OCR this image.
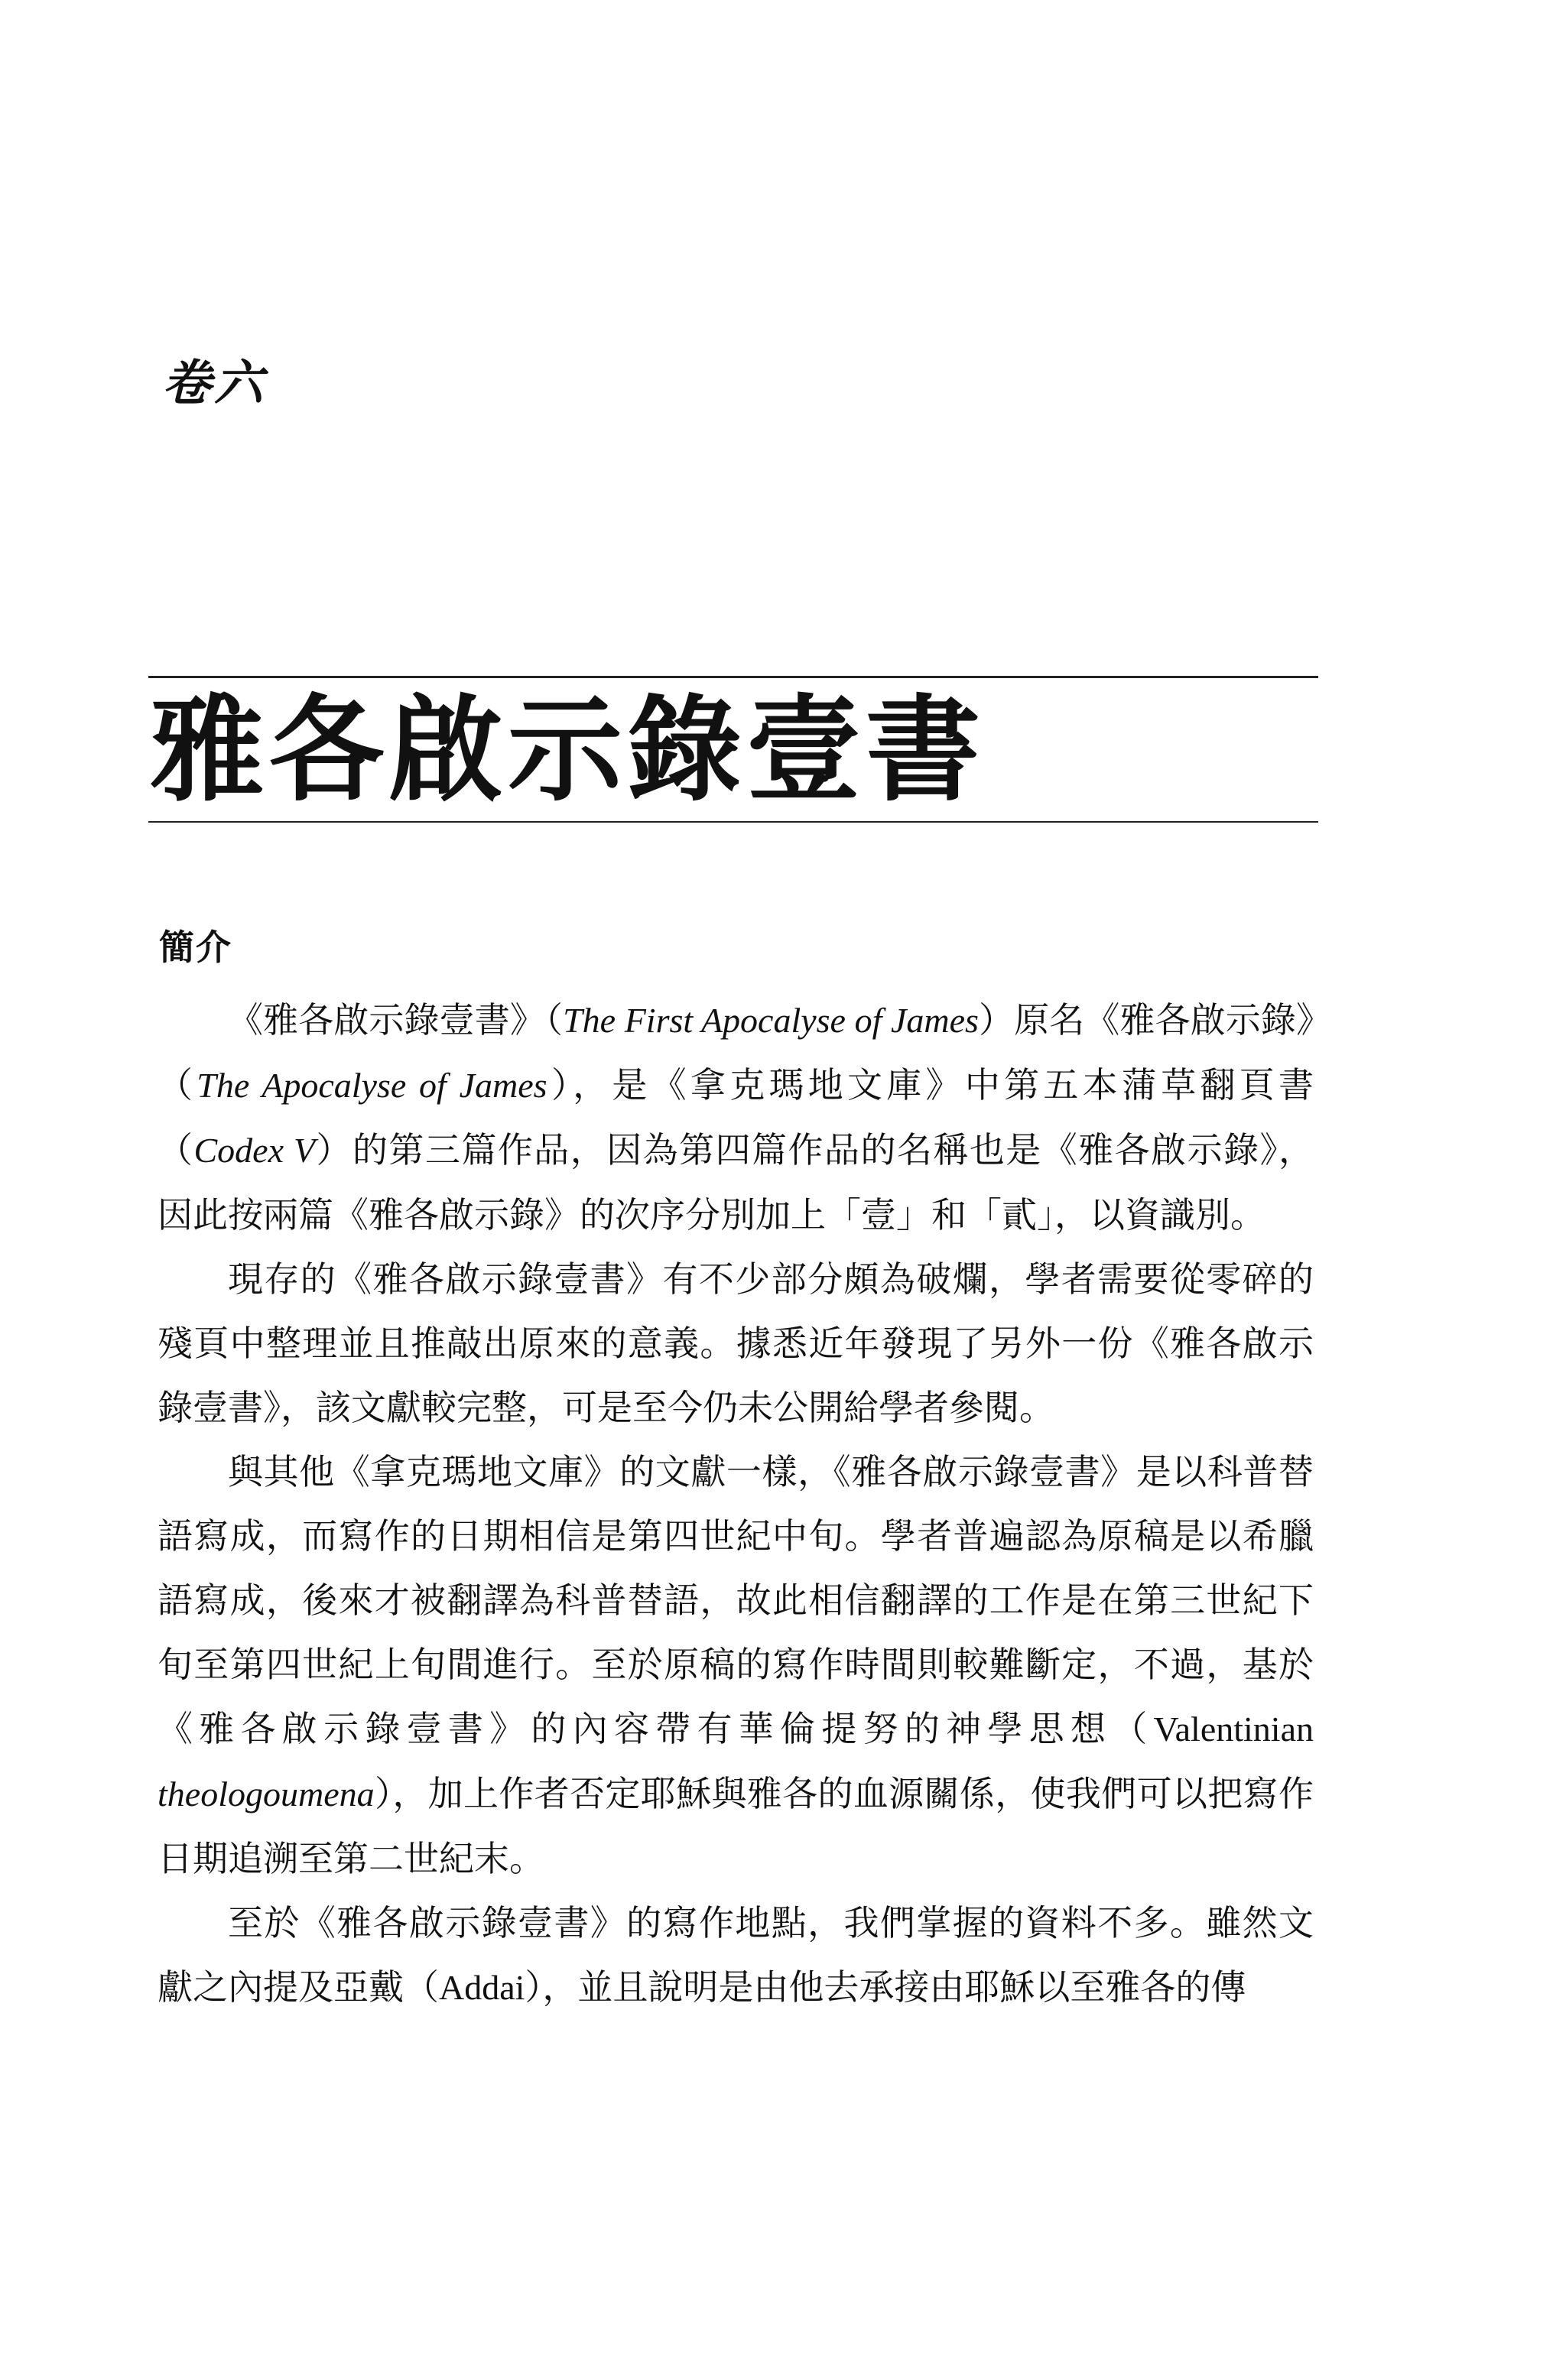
卷六
雅各啟示錄壹書
簡介

《雅各啟示錄壹書》（The First Apocalyse of James）原名《雅各啟示錄》（The Apocalyse of James），是《拿克瑪地文庫》中第五本蒲草翻頁書（Codex V）的第三篇作品，因為第四篇作品的名稱也是《雅各啟示錄》，因此按兩篇《雅各啟示錄》的次序分別加上「壹」和「貳」，以資識別。

現存的《雅各啟示錄壹書》有不少部分頗為破爛，學者需要從零碎的殘頁中整理並且推敲出原來的意義。據悉近年發現了另外一份《雅各啟示錄壹書》，該文獻較完整，可是至今仍未公開給學者參閱。

與其他《拿克瑪地文庫》的文獻一樣，《雅各啟示錄壹書》是以科普替語寫成，而寫作的日期相信是第四世紀中旬。學者普遍認為原稿是以希臘語寫成，後來才被翻譯為科普替語，故此相信翻譯的工作是在第三世紀下旬至第四世紀上旬間進行。至於原稿的寫作時間則較難斷定，不過，基於《雅各啟示錄壹書》的內容帶有華倫提努的神學思想（Valentinian theologoumena），加上作者否定耶穌與雅各的血源關係，使我們可以把寫作日期追溯至第二世紀末。

至於《雅各啟示錄壹書》的寫作地點，我們掌握的資料不多。雖然文獻之內提及亞戴（Addai），並且說明是由他去承接由耶穌以至雅各的傳
